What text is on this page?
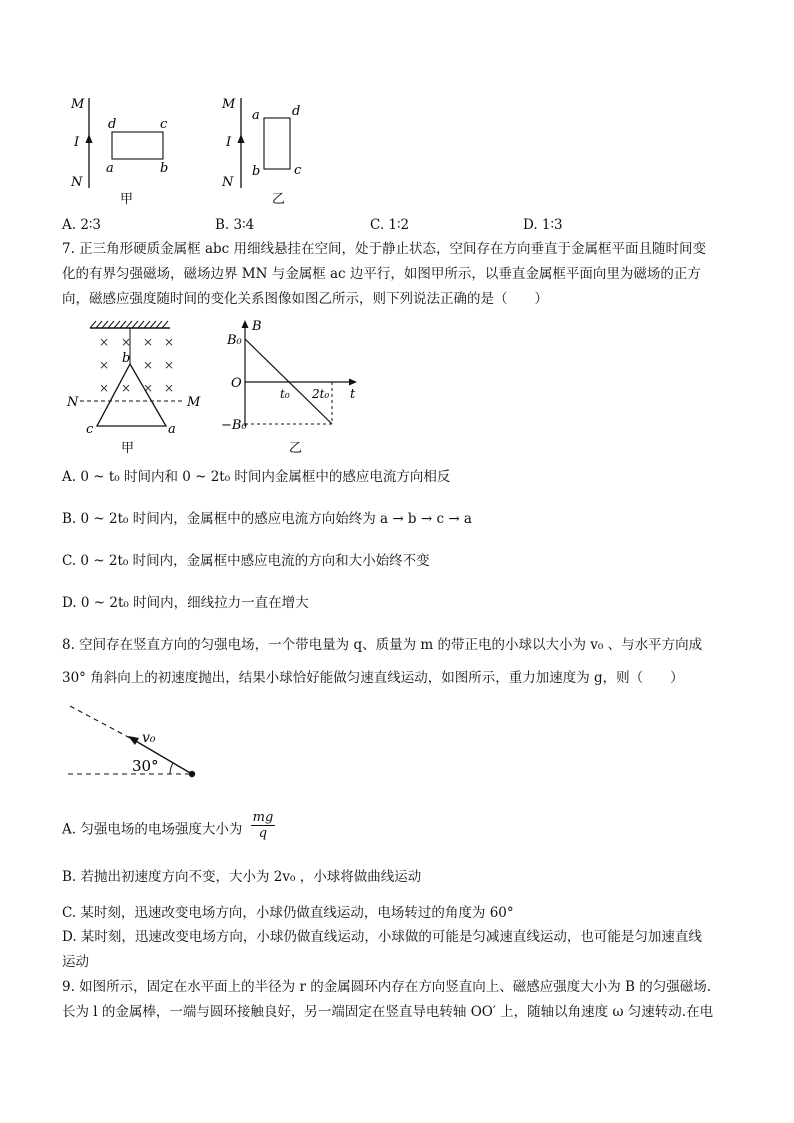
M
I
N
d	c
a	b
甲
M
I
N
a d
b	c
乙
A. 2∶3	B. 3∶4	C. 1∶2	D. 1∶3
7. 正三角形硬质金属框 abc 用细线悬挂在空间，处于静止状态，空间存在方向垂直于金属框平面且随时间变
化的有界匀强磁场，磁场边界 MN 与金属框 ac 边平行，如图甲所示，以垂直金属框平面向里为磁场的正方
向，磁感应强度随时间的变化关系图像如图乙所示，则下列说法正确的是（　　）
× × × ×
×	× ×
× × × ×
b
N	M
c	a
甲
B
B₀
O
t₀ 2t₀ t
−B₀
乙
A. 0 ~ t₀ 时间内和 0 ~ 2t₀ 时间内金属框中的感应电流方向相反
B. 0 ~ 2t₀ 时间内，金属框中的感应电流方向始终为 a → b → c → a
C. 0 ~ 2t₀ 时间内，金属框中感应电流的方向和大小始终不变
D. 0 ~ 2t₀ 时间内，细线拉力一直在增大
8. 空间存在竖直方向的匀强电场，一个带电量为 q、质量为 m 的带正电的小球以大小为 v₀ 、与水平方向成
30° 角斜向上的初速度抛出，结果小球恰好能做匀速直线运动，如图所示，重力加速度为 g，则（　　）
v₀
30°
A. 匀强电场的电场强度大小为 $\frac{mg}{q}$
B. 若抛出初速度方向不变，大小为 2v₀ ，小球将做曲线运动
C. 某时刻，迅速改变电场方向，小球仍做直线运动，电场转过的角度为 60°
D. 某时刻，迅速改变电场方向，小球仍做直线运动，小球做的可能是匀减速直线运动，也可能是匀加速直线
运动
9. 如图所示，固定在水平面上的半径为 r 的金属圆环内存在方向竖直向上、磁感应强度大小为 B 的匀强磁场.
长为 l 的金属棒，一端与圆环接触良好，另一端固定在竖直导电转轴 OO′ 上，随轴以角速度 ω 匀速转动.在电
